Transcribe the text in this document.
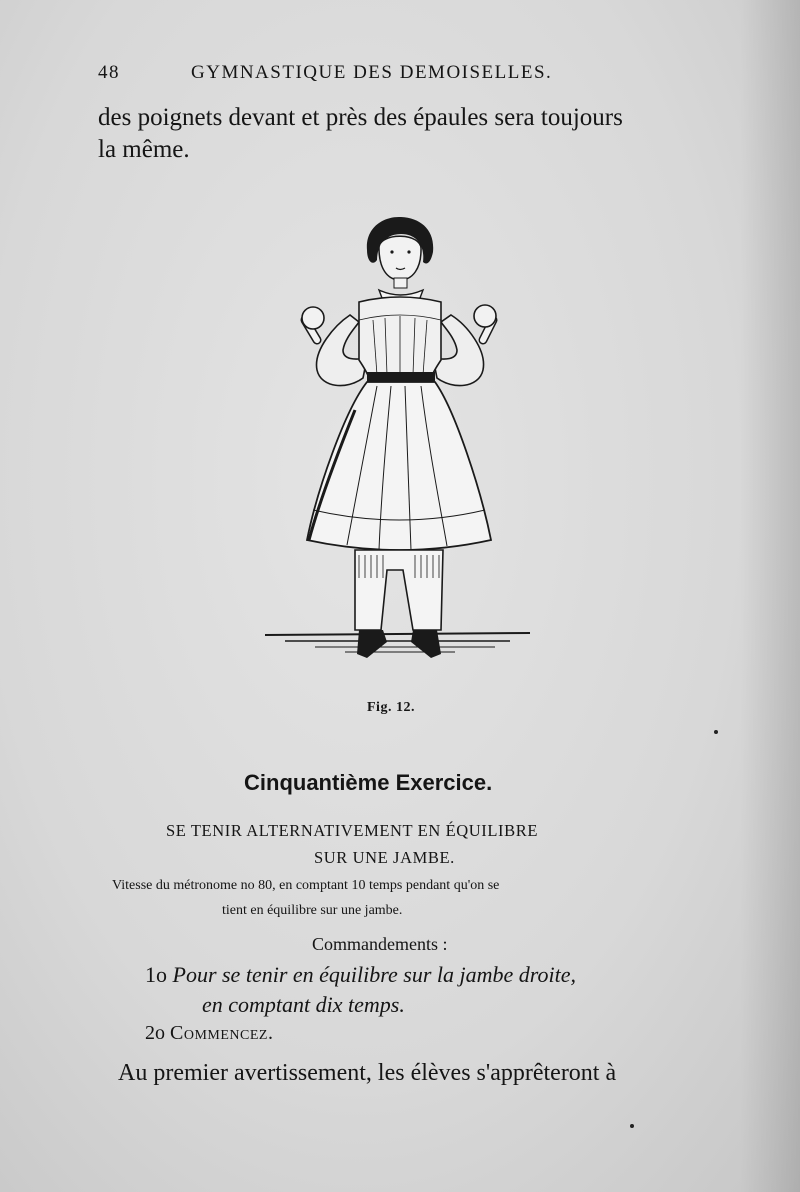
48	GYMNASTIQUE DES DEMOISELLES.
des poignets devant et près des épaules sera toujours
la même.
Fig. 12.
Cinquantième Exercice.
SE TENIR ALTERNATIVEMENT EN ÉQUILIBRE
SUR UNE JAMBE.
Vitesse du métronome no 80, en comptant 10 temps pendant qu'on se
tient en équilibre sur une jambe.
Commandements :
1o Pour se tenir en équilibre sur la jambe droite,
en comptant dix temps.
2o Commencez.
Au premier avertissement, les élèves s'apprêteront à
